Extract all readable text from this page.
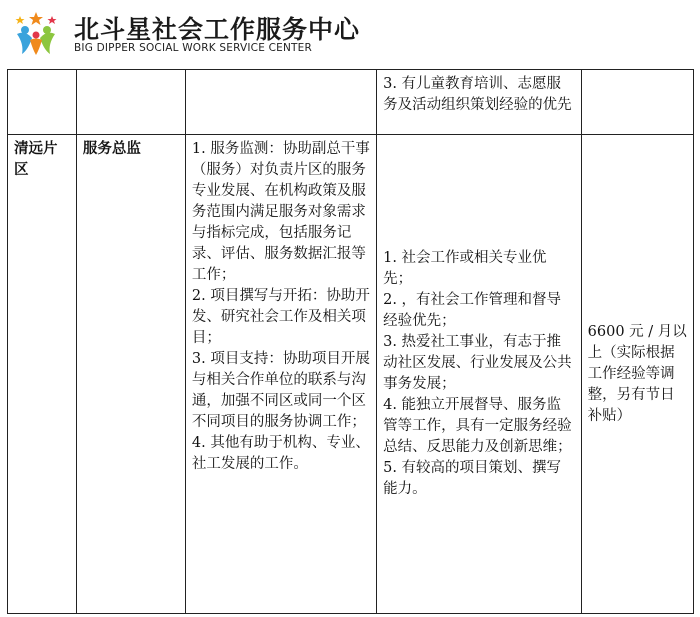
北斗星社会工作服务中心
BIG DIPPER SOCIAL WORK SERVICE CENTER
			3. 有儿童教育培训、志愿服务及活动组织策划经验的优先	
清远片区	服务总监	1. 服务监测：协助副总干事（服务）对负责片区的服务专业发展、在机构政策及服务范围内满足服务对象需求与指标完成，包括服务记录、评估、服务数据汇报等工作；
2. 项目撰写与开拓：协助开发、研究社会工作及相关项目；
3. 项目支持：协助项目开展与相关合作单位的联系与沟通，加强不同区或同一个区不同项目的服务协调工作；
4. 其他有助于机构、专业、社工发展的工作。	1. 社会工作或相关专业优先；
2. ，有社会工作管理和督导经验优先；
3. 热爱社工事业，有志于推动社区发展、行业发展及公共事务发展；
4. 能独立开展督导、服务监管等工作，具有一定服务经验总结、反思能力及创新思维；
5. 有较高的项目策划、撰写能力。	6600 元 / 月以上（实际根据工作经验等调整，另有节日补贴）
